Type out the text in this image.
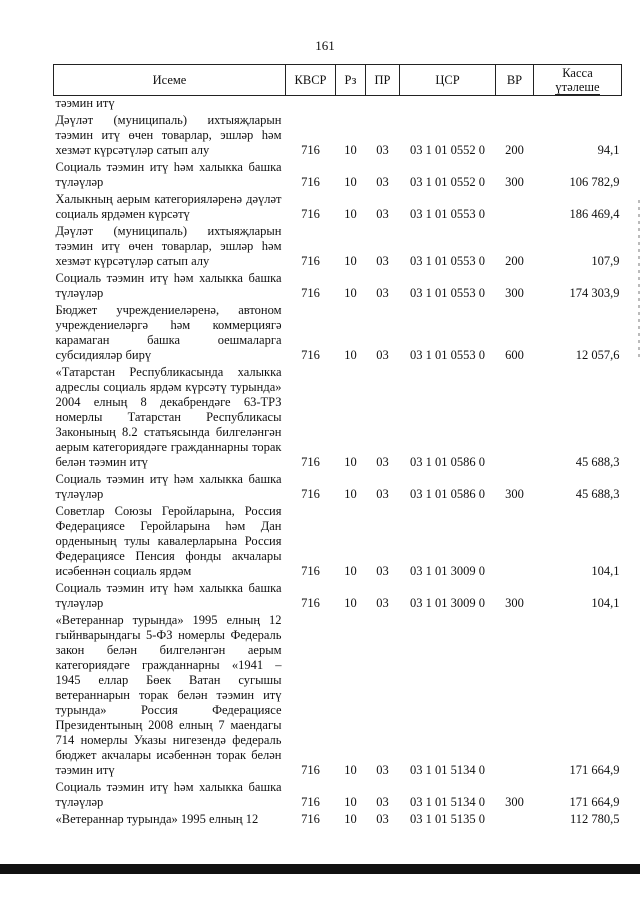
161
Исеме	КВСР	Рз	ПР	ЦСР	ВР	Касса
үтәлеше

тәэмин итү						
Дәүләт (муниципаль) ихтыяҗларын тәэмин итү өчен товарлар, эшләр һәм хезмәт күрсәтүләр сатып алу	716	10	03	03 1 01 0552 0	200	94,1
Социаль тәэмин итү һәм халыкка башка түләүләр	716	10	03	03 1 01 0552 0	300	106 782,9
Халыкның аерым категорияләренә дәүләт социаль ярдәмен күрсәтү	716	10	03	03 1 01 0553 0		186 469,4
Дәүләт (муниципаль) ихтыяҗларын тәэмин итү өчен товарлар, эшләр һәм хезмәт күрсәтүләр сатып алу	716	10	03	03 1 01 0553 0	200	107,9
Социаль тәэмин итү һәм халыкка башка түләүләр	716	10	03	03 1 01 0553 0	300	174 303,9
Бюджет учреждениеләренә, автоном учреждениеләргә һәм коммерциягә карамаган башка оешмаларга субсидияләр бирү	716	10	03	03 1 01 0553 0	600	12 057,6
«Татарстан Республикасында халыкка адреслы социаль ярдәм күрсәтү турында» 2004 елның 8 декабрендәге 63-ТРЗ номерлы Татарстан Республикасы Законының 8.2 статьясында билгеләнгән аерым категориядәге гражданнарны торак белән тәэмин итү	716	10	03	03 1 01 0586 0		45 688,3
Социаль тәэмин итү һәм халыкка башка түләүләр	716	10	03	03 1 01 0586 0	300	45 688,3
Советлар Союзы Геройларына, Россия Федерациясе Геройларына һәм Дан орденының тулы кавалерларына Россия Федерациясе Пенсия фонды акчалары исәбеннән социаль ярдәм	716	10	03	03 1 01 3009 0		104,1
Социаль тәэмин итү һәм халыкка башка түләүләр	716	10	03	03 1 01 3009 0	300	104,1
«Ветераннар турында» 1995 елның 12 гыйнварындагы 5-ФЗ номерлы Федераль закон белән билгеләнгән аерым категориядәге гражданнарны «1941 – 1945 еллар Бөек Ватан сугышы ветераннарын торак белән тәэмин итү турында» Россия Федерациясе Президентының 2008 елның 7 маендагы 714 номерлы Указы нигезендә федераль бюджет акчалары исәбеннән торак белән тәэмин итү	716	10	03	03 1 01 5134 0		171 664,9
Социаль тәэмин итү һәм халыкка башка түләүләр	716	10	03	03 1 01 5134 0	300	171 664,9
«Ветераннар турында» 1995 елның 12	716	10	03	03 1 01 5135 0		112 780,5
